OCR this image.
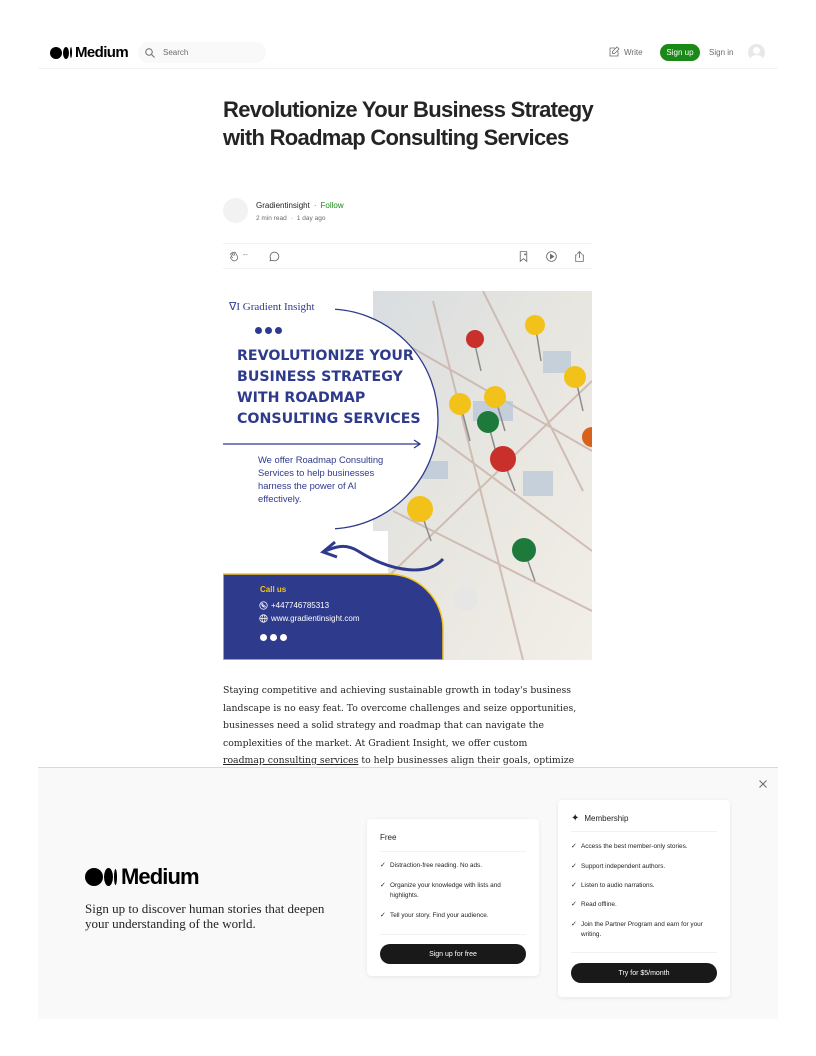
Medium
Search	Write	Sign up	Sign in
Revolutionize Your Business Strategy with Roadmap Consulting Services
Gradientinsight · Follow
2 min read · 1 day ago
--
∇I Gradient Insight
REVOLUTIONIZE YOUR BUSINESS STRATEGY WITH ROADMAP CONSULTING SERVICES
We offer Roadmap Consulting Services to help businesses harness the power of AI effectively.
Call us
+447746785313
www.gradientinsight.com

Staying competitive and achieving sustainable growth in today's business landscape is no easy feat. To overcome challenges and seize opportunities, businesses need a solid strategy and roadmap that can navigate the complexities of the market. At Gradient Insight, we offer custom
roadmap consulting services to help businesses align their goals, optimize

Medium

Sign up to discover human stories that deepen your understanding of the world.

Free
✓ Distraction-free reading. No ads.
✓ Organize your knowledge with lists and highlights.
✓ Tell your story. Find your audience.
Sign up for free
✦ Membership
✓ Access the best member-only stories.
✓ Support independent authors.
✓ Listen to audio narrations.
✓ Read offline.
✓ Join the Partner Program and earn for your writing.
Try for $5/month
